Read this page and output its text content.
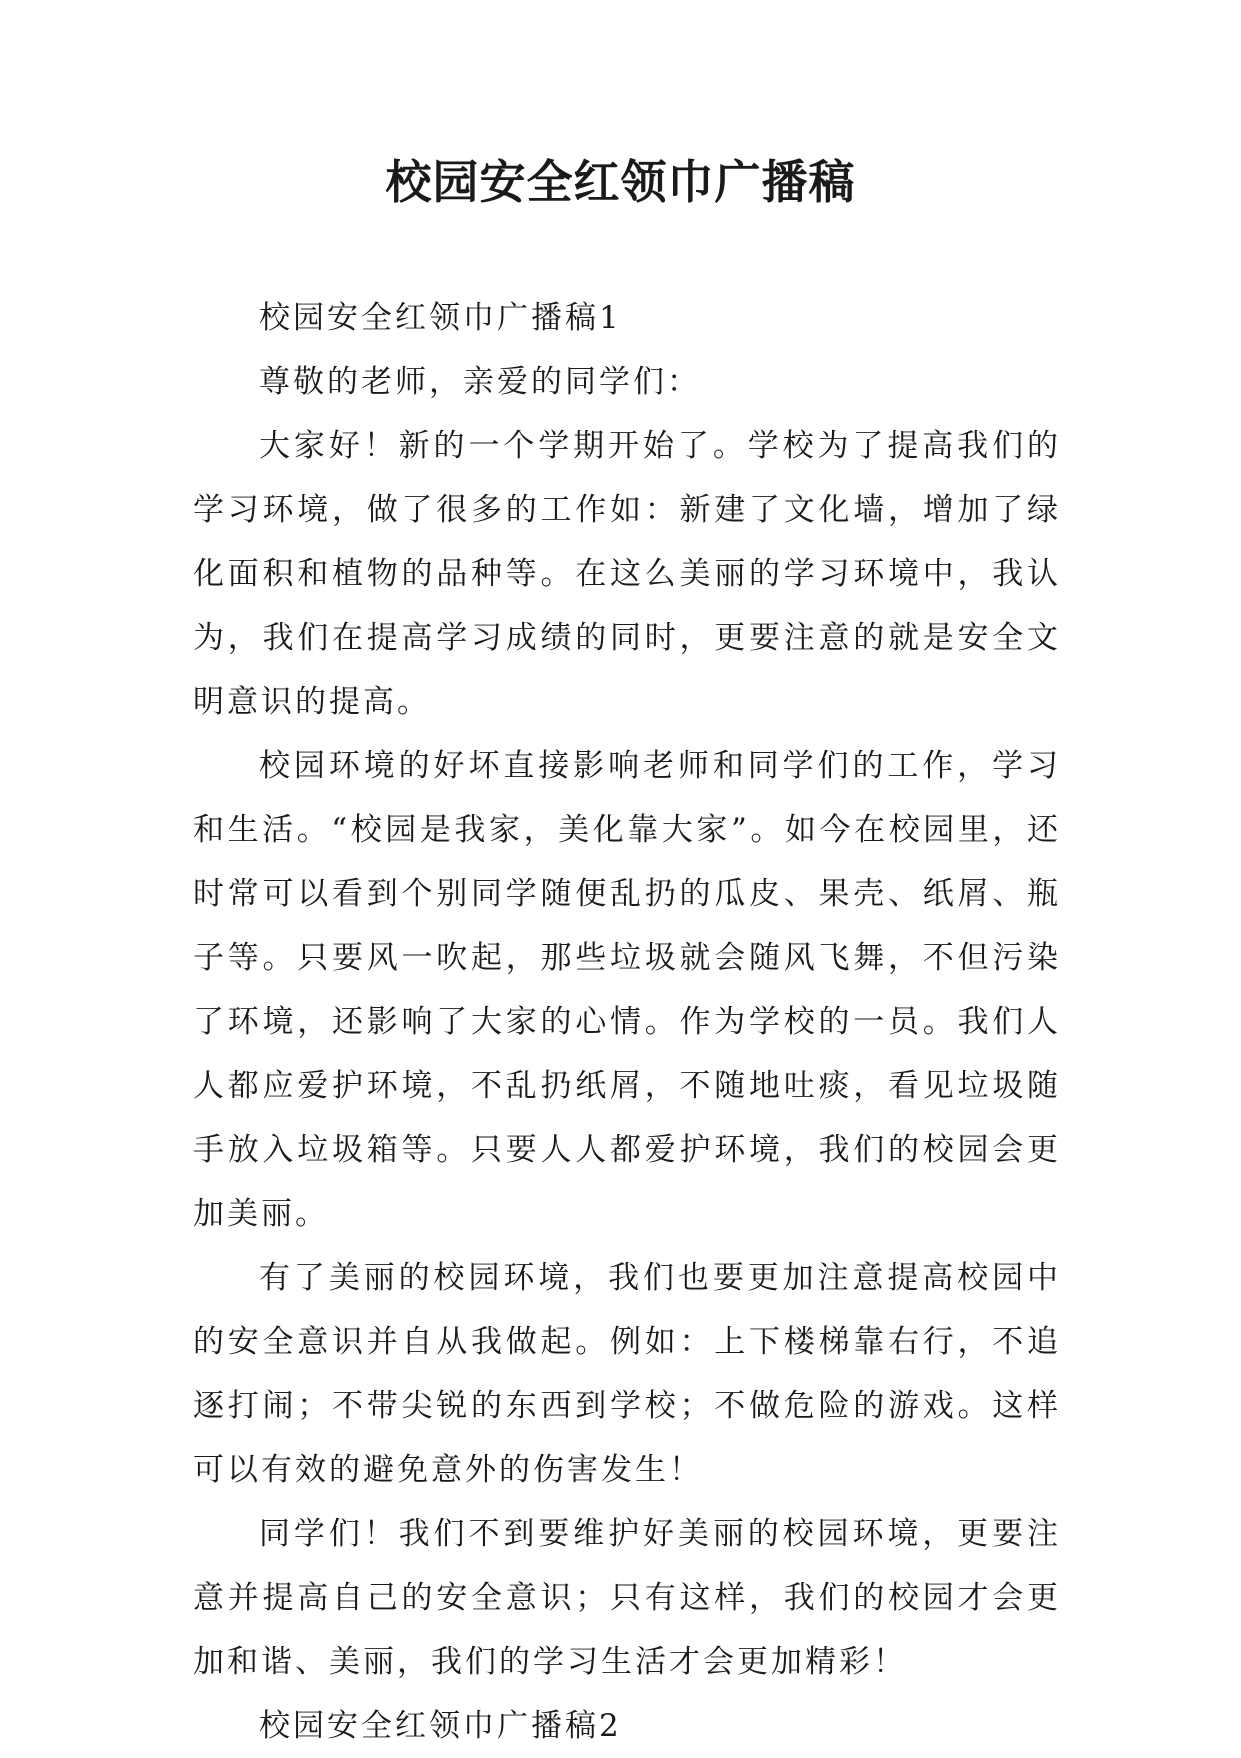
校园安全红领巾广播稿

校园安全红领巾广播稿1

尊敬的老师，亲爱的同学们：

大家好！新的一个学期开始了。学校为了提高我们的学习环境，做了很多的工作如：新建了文化墙，增加了绿化面积和植物的品种等。在这么美丽的学习环境中，我认为，我们在提高学习成绩的同时，更要注意的就是安全文明意识的提高。

校园环境的好坏直接影响老师和同学们的工作，学习和生活。“校园是我家，美化靠大家”。如今在校园里，还时常可以看到个别同学随便乱扔的瓜皮、果壳、纸屑、瓶子等。只要风一吹起，那些垃圾就会随风飞舞，不但污染了环境，还影响了大家的心情。作为学校的一员。我们人人都应爱护环境，不乱扔纸屑，不随地吐痰，看见垃圾随手放入垃圾箱等。只要人人都爱护环境，我们的校园会更加美丽。

有了美丽的校园环境，我们也要更加注意提高校园中的安全意识并自从我做起。例如：上下楼梯靠右行，不追逐打闹；不带尖锐的东西到学校；不做危险的游戏。这样可以有效的避免意外的伤害发生！

同学们！我们不到要维护好美丽的校园环境，更要注意并提高自己的安全意识；只有这样，我们的校园才会更加和谐、美丽，我们的学习生活才会更加精彩！

校园安全红领巾广播稿2
